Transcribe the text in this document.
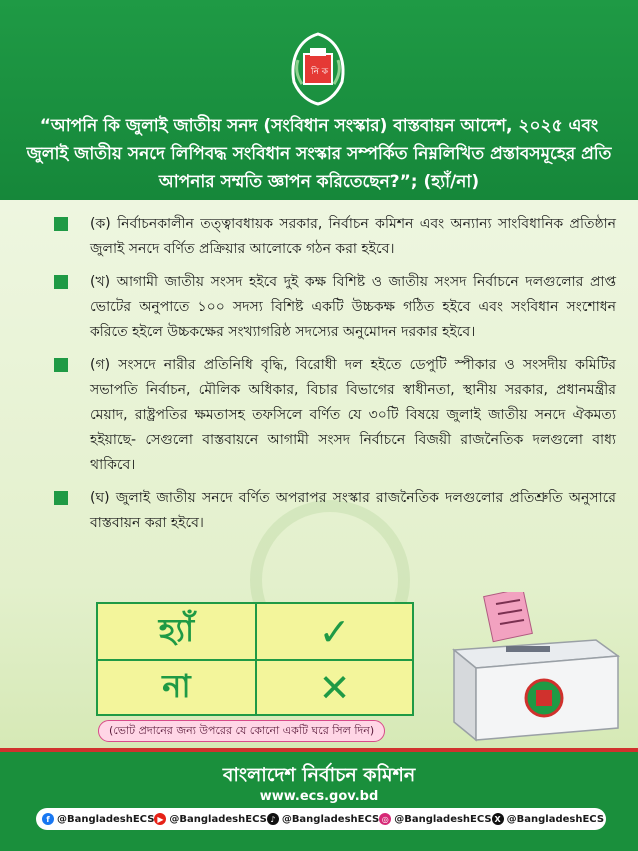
নি ক
“আপনি কি জুলাই জাতীয় সনদ (সংবিধান সংস্কার) বাস্তবায়ন আদেশ, ২০২৫ এবং জুলাই জাতীয় সনদে লিপিবদ্ধ সংবিধান সংস্কার সম্পর্কিত নিম্নলিখিত প্রস্তাবসমূহের প্রতি আপনার সম্মতি জ্ঞাপন করিতেছেন?”; (হ্যাঁ/না)
(ক) নির্বাচনকালীন তত্ত্বাবধায়ক সরকার, নির্বাচন কমিশন এবং অন্যান্য সাংবিধানিক প্রতিষ্ঠান জুলাই সনদে বর্ণিত প্রক্রিয়ার আলোকে গঠন করা হইবে।
(খ) আগামী জাতীয় সংসদ হইবে দুই কক্ষ বিশিষ্ট ও জাতীয় সংসদ নির্বাচনে দলগুলোর প্রাপ্ত ভোটের অনুপাতে ১০০ সদস্য বিশিষ্ট একটি উচ্চকক্ষ গঠিত হইবে এবং সংবিধান সংশোধন করিতে হইলে উচ্চকক্ষের সংখ্যাগরিষ্ঠ সদস্যের অনুমোদন দরকার হইবে।
(গ) সংসদে নারীর প্রতিনিধি বৃদ্ধি, বিরোধী দল হইতে ডেপুটি স্পীকার ও সংসদীয় কমিটির সভাপতি নির্বাচন, মৌলিক অধিকার, বিচার বিভাগের স্বাধীনতা, স্থানীয় সরকার, প্রধানমন্ত্রীর মেয়াদ, রাষ্ট্রপতির ক্ষমতাসহ তফসিলে বর্ণিত যে ৩০টি বিষয়ে জুলাই জাতীয় সনদে ঐকমত্য হইয়াছে- সেগুলো বাস্তবায়নে আগামী সংসদ নির্বাচনে বিজয়ী রাজনৈতিক দলগুলো বাধ্য থাকিবে।
(ঘ) জুলাই জাতীয় সনদে বর্ণিত অপরাপর সংস্কার রাজনৈতিক দলগুলোর প্রতিশ্রুতি অনুসারে বাস্তবায়ন করা হইবে।
হ্যাঁ	✓
না	✕
(ভোট প্রদানের জন্য উপরের যে কোনো একটি ঘরে সিল দিন)
বাংলাদেশ নির্বাচন কমিশন
www.ecs.gov.bd
f @BangladeshECS ▶ @BangladeshECS ♪ @BangladeshECS ◎ @BangladeshECS X @BangladeshECS
